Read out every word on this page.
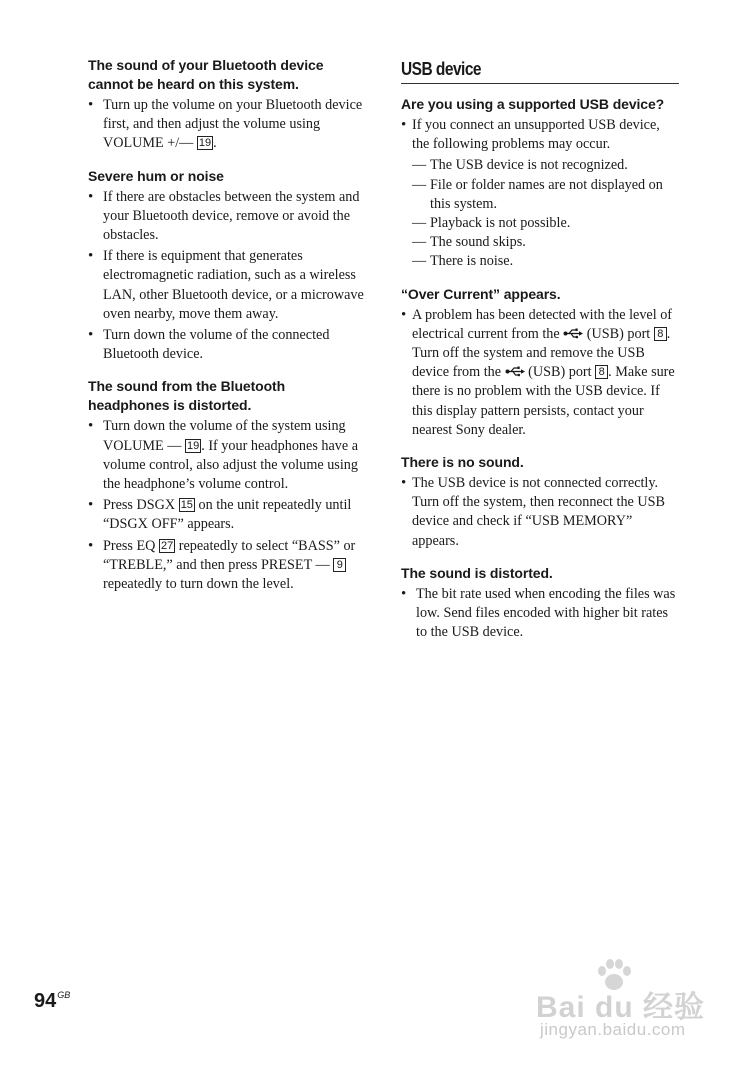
The sound of your Bluetooth device cannot be heard on this system.
• Turn up the volume on your Bluetooth device first, and then adjust the volume using VOLUME +/— 19 .
Severe hum or noise
• If there are obstacles between the system and your Bluetooth device, remove or avoid the obstacles.
• If there is equipment that generates electromagnetic radiation, such as a wireless LAN, other Bluetooth device, or a microwave oven nearby, move them away.
• Turn down the volume of the connected Bluetooth device.
The sound from the Bluetooth headphones is distorted.
• Turn down the volume of the system using VOLUME — 19 . If your headphones have a volume control, also adjust the volume using the headphone’s volume control.
• Press DSGX 15 on the unit repeatedly until “DSGX OFF” appears.
• Press EQ 27 repeatedly to select “BASS” or “TREBLE,” and then press PRESET — 9 repeatedly to turn down the level.
USB device
Are you using a supported USB device?
• If you connect an unsupported USB device, the following problems may occur.
— The USB device is not recognized.
— File or folder names are not displayed on this system.
— Playback is not possible.
— The sound skips.
— There is noise.
“Over Current” appears.
• A problem has been detected with the level of electrical current from the  (USB) port 8 . Turn off the system and remove the USB device from the  (USB) port 8 . Make sure there is no problem with the USB device. If this display pattern persists, contact your nearest Sony dealer.
There is no sound.
• The USB device is not connected correctly. Turn off the system, then reconnect the USB device and check if “USB MEMORY” appears.
The sound is distorted.
• The bit rate used when encoding the files was low. Send files encoded with higher bit rates to the USB device.
$94^{GB}$	Bai du 经验
jingyan.baidu.com
